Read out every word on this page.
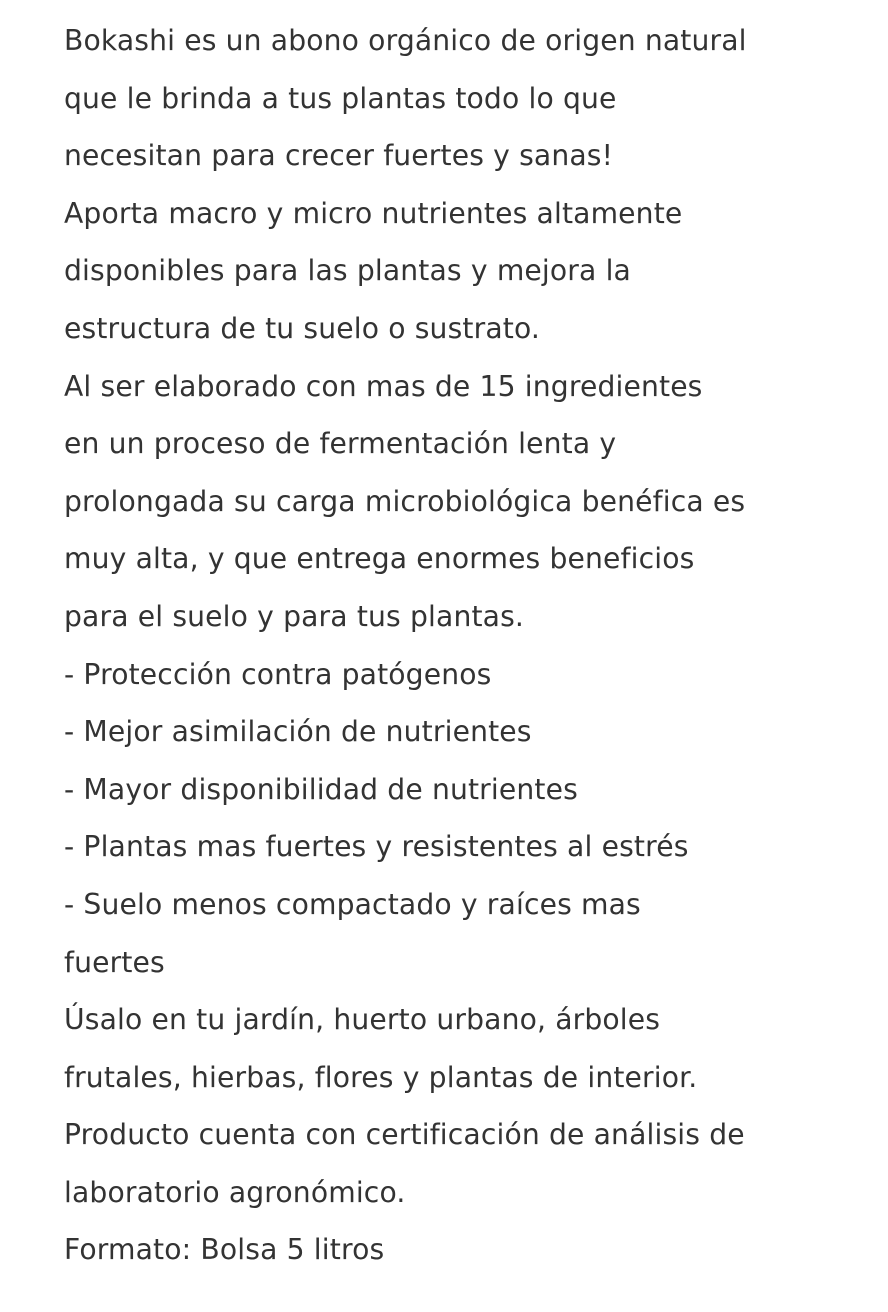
Bokashi es un abono orgánico de origen natural

que le brinda a tus plantas todo lo que

necesitan para crecer fuertes y sanas!

Aporta macro y micro nutrientes altamente

disponibles para las plantas y mejora la

estructura de tu suelo o sustrato.

Al ser elaborado con mas de 15 ingredientes

en un proceso de fermentación lenta y

prolongada su carga microbiológica benéfica es

muy alta, y que entrega enormes beneficios

para el suelo y para tus plantas.

- Protección contra patógenos

- Mejor asimilación de nutrientes

- Mayor disponibilidad de nutrientes

- Plantas mas fuertes y resistentes al estrés

- Suelo menos compactado y raíces mas

fuertes

Úsalo en tu jardín, huerto urbano, árboles

frutales, hierbas, flores y plantas de interior.

Producto cuenta con certificación de análisis de

laboratorio agronómico.

Formato: Bolsa 5 litros
